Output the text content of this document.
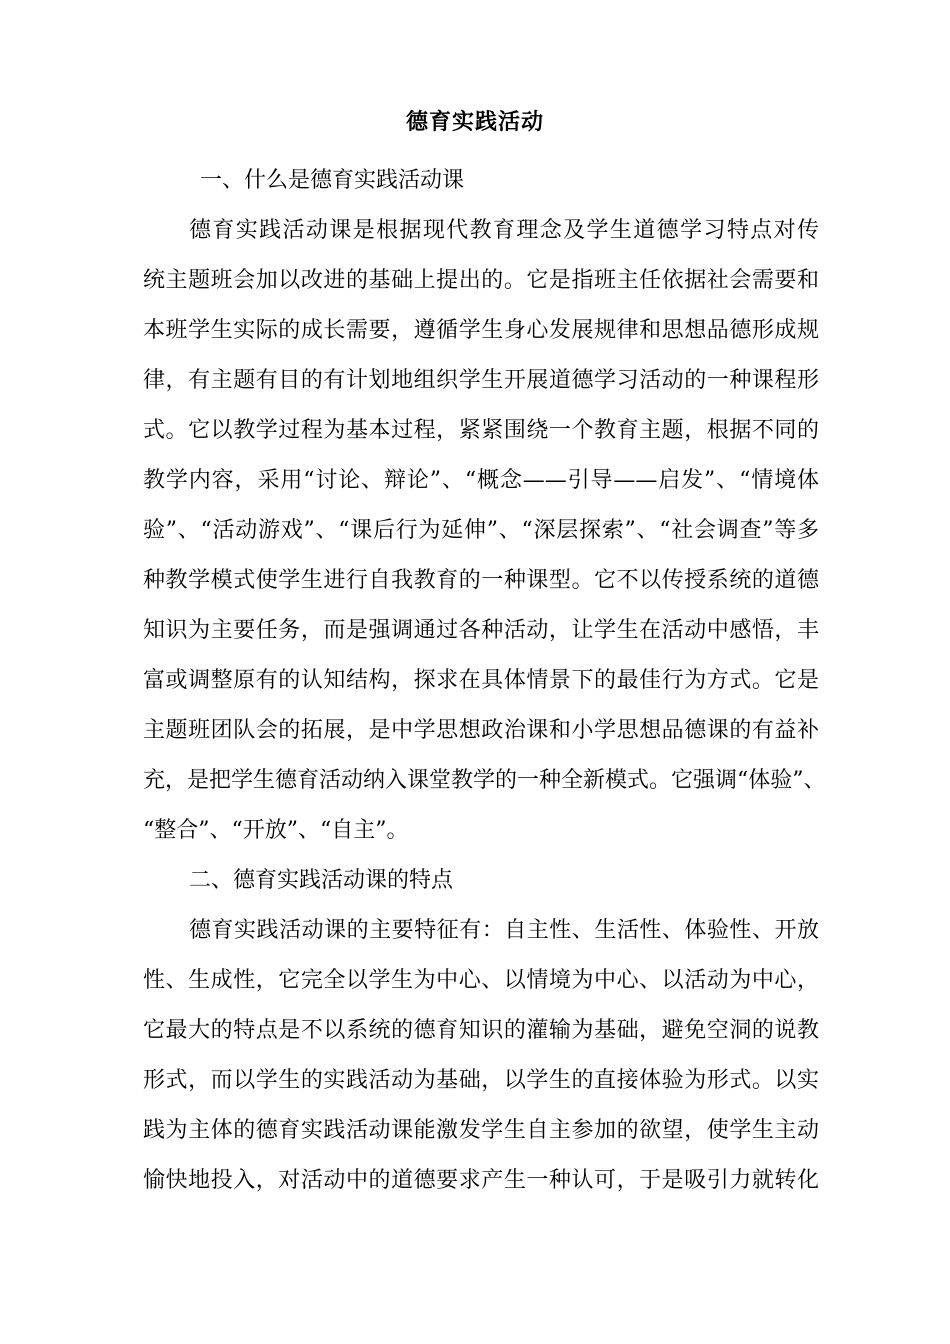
德育实践活动
一、什么是德育实践活动课
德育实践活动课是根据现代教育理念及学生道德学习特点对传
统主题班会加以改进的基础上提出的。它是指班主任依据社会需要和
本班学生实际的成长需要，遵循学生身心发展规律和思想品德形成规
律，有主题有目的有计划地组织学生开展道德学习活动的一种课程形
式。它以教学过程为基本过程，紧紧围绕一个教育主题，根据不同的
教学内容，采用“讨论、辩论”、“概念——引导——启发”、“情境体
验”、“活动游戏”、“课后行为延伸”、“深层探索”、“社会调查”等多
种教学模式使学生进行自我教育的一种课型。它不以传授系统的道德
知识为主要任务，而是强调通过各种活动，让学生在活动中感悟，丰
富或调整原有的认知结构，探求在具体情景下的最佳行为方式。它是
主题班团队会的拓展，是中学思想政治课和小学思想品德课的有益补
充，是把学生德育活动纳入课堂教学的一种全新模式。它强调“体验”、
“整合”、“开放”、“自主”。
二、德育实践活动课的特点
德育实践活动课的主要特征有：自主性、生活性、体验性、开放
性、生成性，它完全以学生为中心、以情境为中心、以活动为中心，
它最大的特点是不以系统的德育知识的灌输为基础，避免空洞的说教
形式，而以学生的实践活动为基础，以学生的直接体验为形式。以实
践为主体的德育实践活动课能激发学生自主参加的欲望，使学生主动
愉快地投入，对活动中的道德要求产生一种认可，于是吸引力就转化
